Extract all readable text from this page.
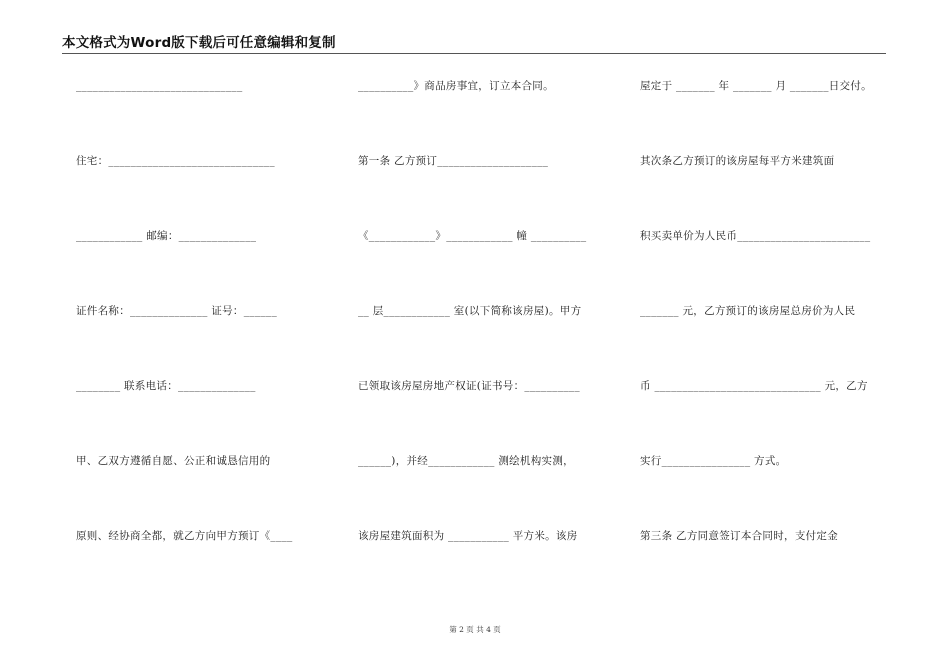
本文格式为Word版下载后可任意编辑和复制
______________________________
住宅：______________________________
____________ 邮编：______________
证件名称：______________ 证号：______
________ 联系电话：______________
甲、乙双方遵循自愿、公正和诚恳信用的
原则、经协商全都，就乙方向甲方预订《____
__________》商品房事宜，订立本合同。
第一条 乙方预订____________________
《____________》____________ 幢 __________
__ 层____________ 室(以下简称该房屋)。甲方
已领取该房屋房地产权证(证书号：__________
______)，并经____________ 测绘机构实测，
该房屋建筑面积为 ___________ 平方米。该房
屋定于 _______ 年 _______ 月 _______日交付。
其次条乙方预订的该房屋每平方米建筑面
积买卖单价为人民币________________________
_______ 元，乙方预订的该房屋总房价为人民
币 ______________________________ 元，乙方
实行________________ 方式。
第三条 乙方同意签订本合同时，支付定金
第 2 页 共 4 页
